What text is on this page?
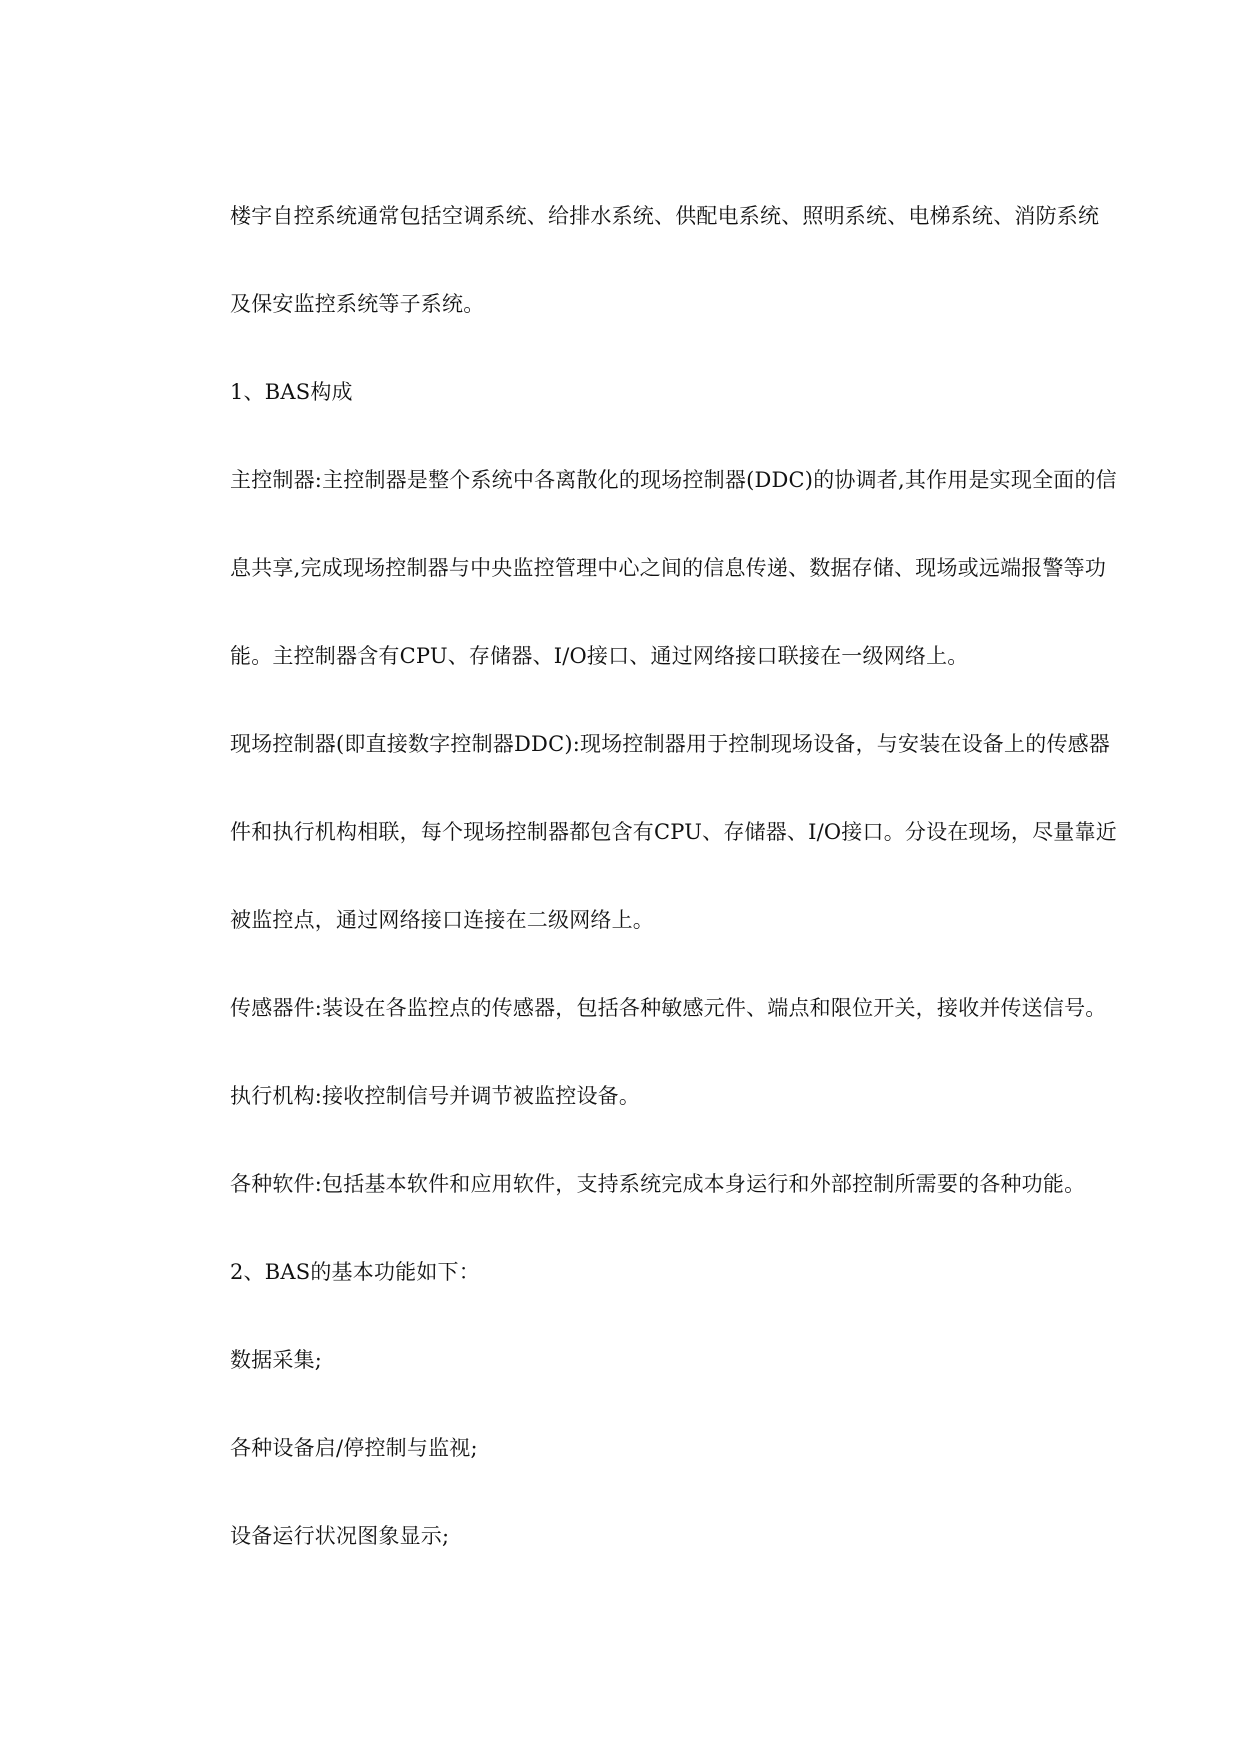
楼宇自控系统通常包括空调系统、给排水系统、供配电系统、照明系统、电梯系统、消防系统及保安监控系统等子系统。

1、BAS构成

主控制器:主控制器是整个系统中各离散化的现场控制器(DDC)的协调者,其作用是实现全面的信息共享,完成现场控制器与中央监控管理中心之间的信息传递、数据存储、现场或远端报警等功能。主控制器含有CPU、存储器、I/O接口、通过网络接口联接在一级网络上。

现场控制器(即直接数字控制器DDC):现场控制器用于控制现场设备，与安装在设备上的传感器件和执行机构相联，每个现场控制器都包含有CPU、存储器、I/O接口。分设在现场，尽量靠近被监控点，通过网络接口连接在二级网络上。

传感器件:装设在各监控点的传感器，包括各种敏感元件、端点和限位开关，接收并传送信号。

执行机构:接收控制信号并调节被监控设备。

各种软件:包括基本软件和应用软件，支持系统完成本身运行和外部控制所需要的各种功能。

2、BAS的基本功能如下：

数据采集;

各种设备启/停控制与监视;

设备运行状况图象显示;
